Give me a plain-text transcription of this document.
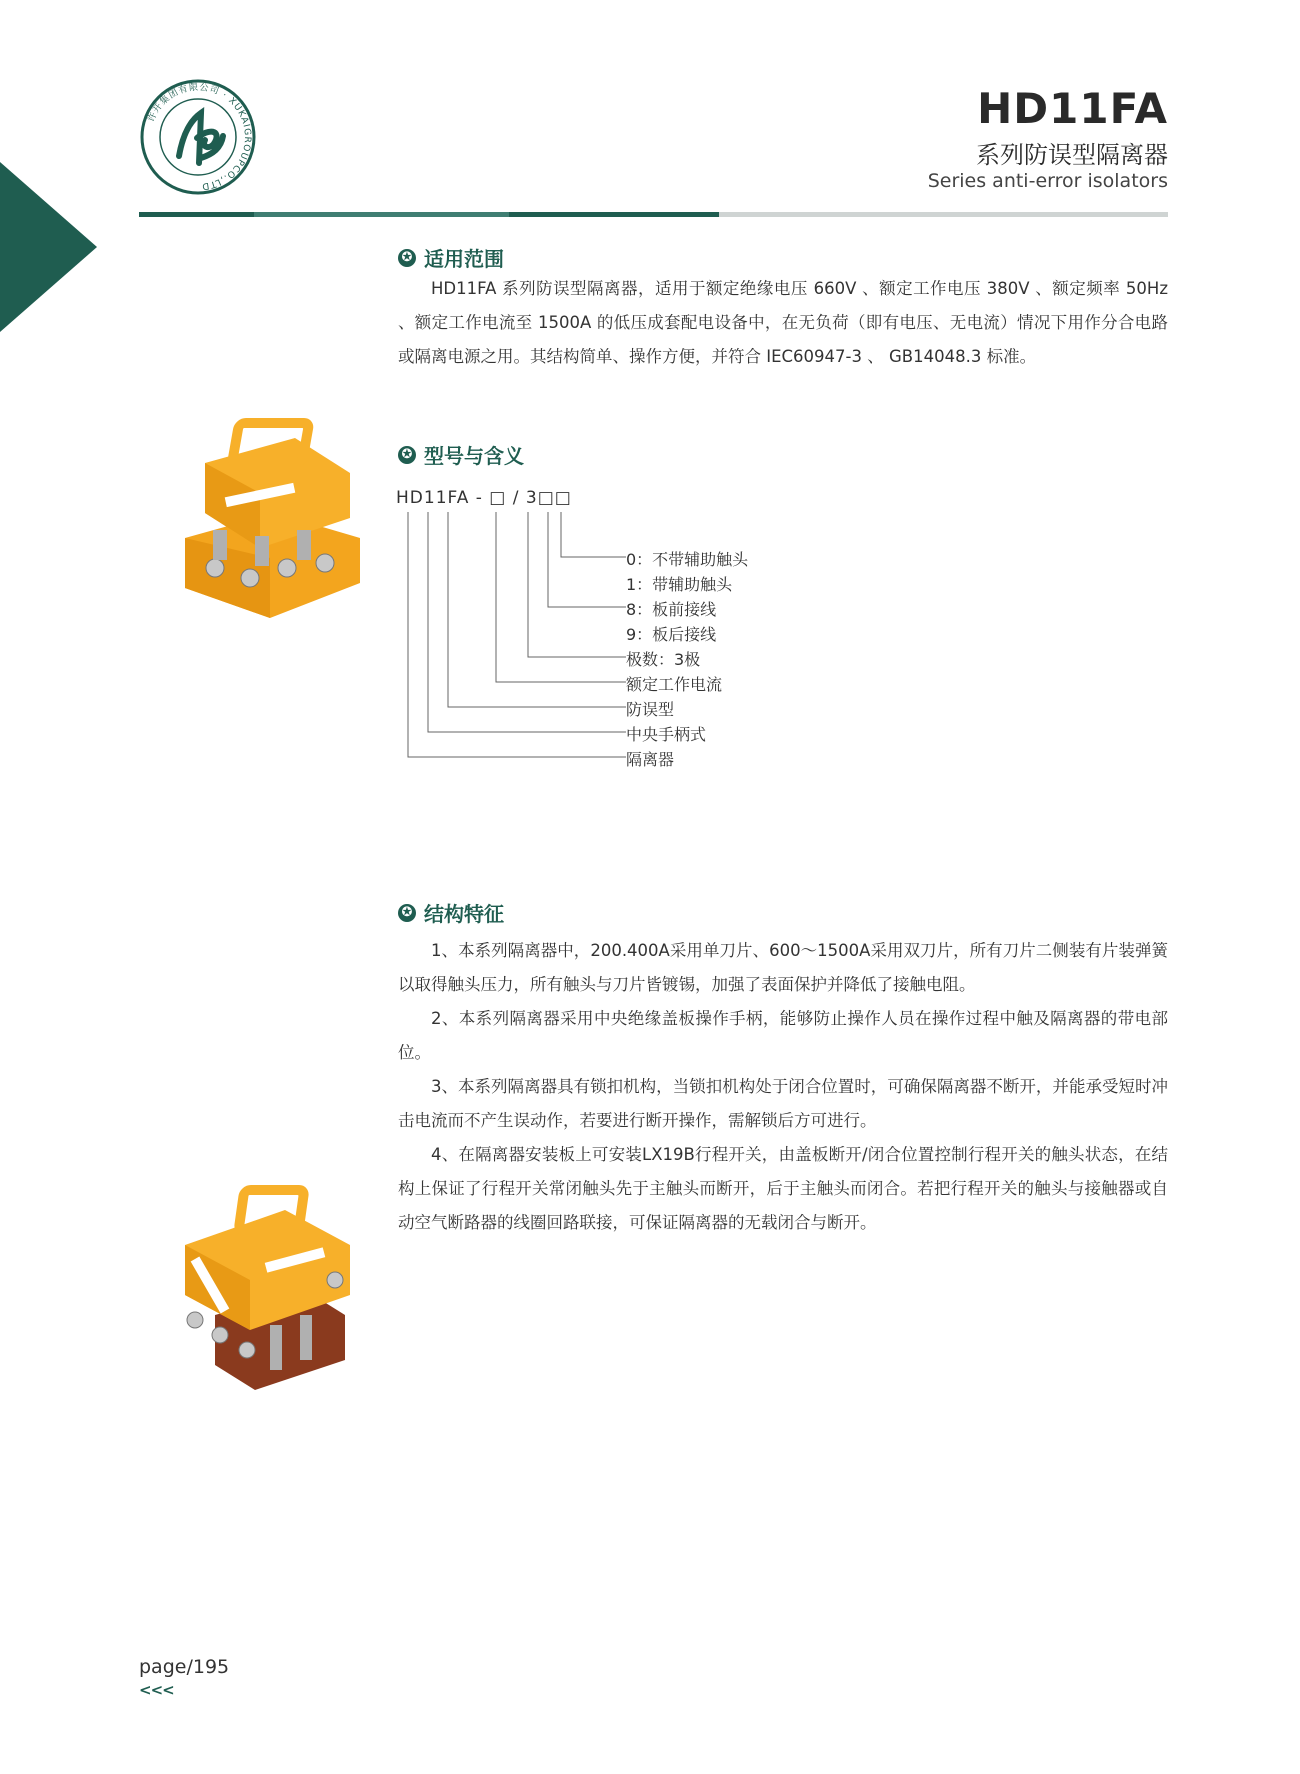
许开集团有限公司 · XUKAIGROUPCO.,LTD
HD11FA
系列防误型隔离器
Series anti-error isolators
✪ 适用范围

HD11FA 系列防误型隔离器，适用于额定绝缘电压 660V 、额定工作电压 380V 、额定频率 50Hz 、额定工作电流至 1500A 的低压成套配电设备中，在无负荷（即有电压、无电流）情况下用作分合电路或隔离电源之用。其结构简单、操作方便，并符合 IEC60947-3 、 GB14048.3 标准。

✪ 型号与含义
HD11FA - □ / 3□□
0：不带辅助触头
1：带辅助触头
8：板前接线
9：板后接线
极数：3极
额定工作电流
防误型
中央手柄式
隔离器
✪ 结构特征

1、本系列隔离器中，200.400A采用单刀片、600～1500A采用双刀片，所有刀片二侧装有片装弹簧以取得触头压力，所有触头与刀片皆镀锡，加强了表面保护并降低了接触电阻。

2、本系列隔离器采用中央绝缘盖板操作手柄，能够防止操作人员在操作过程中触及隔离器的带电部位。

3、本系列隔离器具有锁扣机构，当锁扣机构处于闭合位置时，可确保隔离器不断开，并能承受短时冲击电流而不产生误动作，若要进行断开操作，需解锁后方可进行。

4、在隔离器安装板上可安装LX19B行程开关，由盖板断开/闭合位置控制行程开关的触头状态，在结构上保证了行程开关常闭触头先于主触头而断开，后于主触头而闭合。若把行程开关的触头与接触器或自动空气断路器的线圈回路联接，可保证隔离器的无载闭合与断开。

page/195
<<<
